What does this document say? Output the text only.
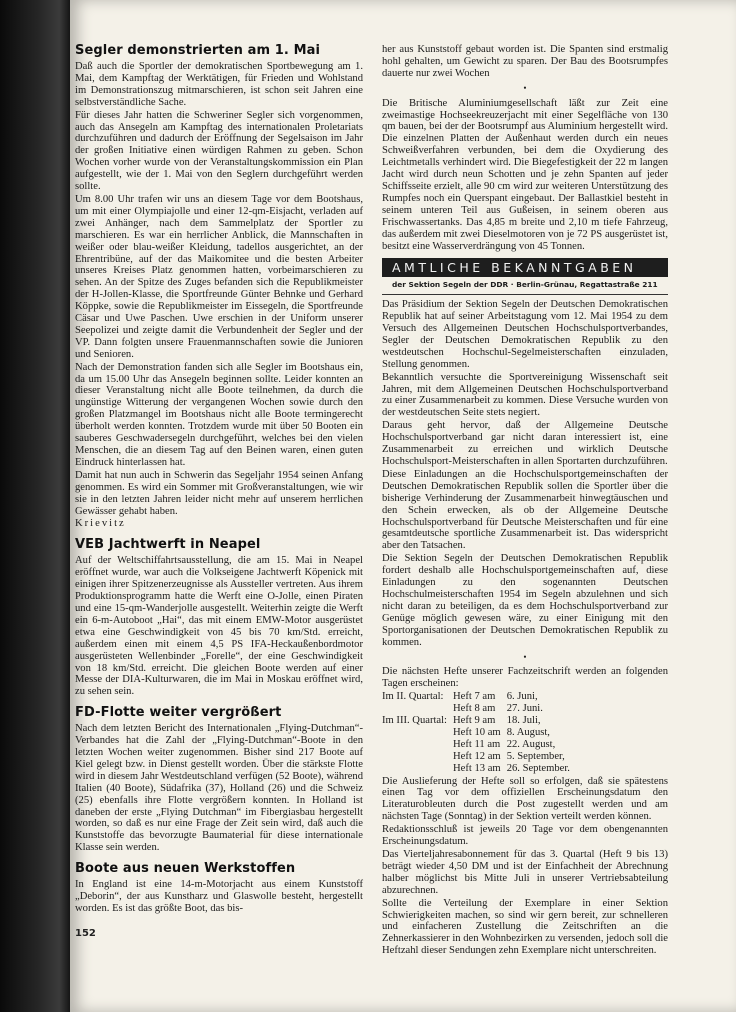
Segler demonstrierten am 1. Mai

Daß auch die Sportler der demokratischen Sportbewegung am 1. Mai, dem Kampftag der Werktätigen, für Frieden und Wohlstand im Demonstrationszug mitmarschieren, ist schon seit Jahren eine selbstverständliche Sache.

Für dieses Jahr hatten die Schweriner Segler sich vorgenommen, auch das Ansegeln am Kampftag des internationalen Proletariats durchzuführen und dadurch der Eröffnung der Segelsaison im Jahr der großen Initiative einen würdigen Rahmen zu geben. Schon Wochen vorher wurde von der Veranstaltungskommission ein Plan aufgestellt, wie der 1. Mai von den Seglern durchgeführt werden sollte.

Um 8.00 Uhr trafen wir uns an diesem Tage vor dem Bootshaus, um mit einer Olympiajolle und einer 12-qm-Eisjacht, verladen auf zwei Anhänger, nach dem Sammelplatz der Sportler zu marschieren. Es war ein herrlicher Anblick, die Mannschaften in weißer oder blau-weißer Kleidung, tadellos ausgerichtet, an der Ehrentribüne, auf der das Maikomitee und die besten Arbeiter unseres Kreises Platz genommen hatten, vorbeimarschieren zu sehen. An der Spitze des Zuges befanden sich die Republikmeister der H-Jollen-Klasse, die Sportfreunde Günter Behnke und Gerhard Köppke, sowie die Republikmeister im Eissegeln, die Sportfreunde Cäsar und Uwe Paschen. Uwe erschien in der Uniform unserer Seepolizei und zeigte damit die Verbundenheit der Segler und der VP. Dann folgten unsere Frauenmannschaften sowie die Junioren und Senioren.

Nach der Demonstration fanden sich alle Segler im Bootshaus ein, da um 15.00 Uhr das Ansegeln beginnen sollte. Leider konnten an dieser Veranstaltung nicht alle Boote teilnehmen, da durch die ungünstige Witterung der vergangenen Wochen sowie durch den großen Platzmangel im Bootshaus nicht alle Boote termingerecht überholt werden konnten. Trotzdem wurde mit über 50 Booten ein sauberes Geschwadersegeln durchgeführt, welches bei den vielen Menschen, die an diesem Tag auf den Beinen waren, einen guten Eindruck hinterlassen hat.

Damit hat nun auch in Schwerin das Segeljahr 1954 seinen Anfang genommen. Es wird ein Sommer mit Großveranstaltungen, wie wir sie in den letzten Jahren leider nicht mehr auf unserem herrlichen Gewässer gehabt haben.

Krievitz

VEB Jachtwerft in Neapel

Auf der Weltschiffahrtsausstellung, die am 15. Mai in Neapel eröffnet wurde, war auch die Volkseigene Jachtwerft Köpenick mit einigen ihrer Spitzenerzeugnisse als Aussteller vertreten. Aus ihrem Produktionsprogramm hatte die Werft eine O-Jolle, einen Piraten und eine 15-qm-Wanderjolle ausgestellt. Weiterhin zeigte die Werft ein 6-m-Autoboot „Hai“, das mit einem EMW-Motor ausgerüstet etwa eine Geschwindigkeit von 45 bis 70 km/Std. erreicht, außerdem einen mit einem 4,5 PS IFA-Heckaußenbordmotor ausgerüsteten Wellenbinder „Forelle“, der eine Geschwindigkeit von 18 km/Std. erreicht. Die gleichen Boote werden auf einer Messe der DIA-Kulturwaren, die im Mai in Moskau eröffnet wird, zu sehen sein.

FD-Flotte weiter vergrößert

Nach dem letzten Bericht des Internationalen „Flying-Dutchman“-Verbandes hat die Zahl der „Flying-Dutchman“-Boote in den letzten Wochen weiter zugenommen. Bisher sind 217 Boote auf Kiel gelegt bzw. in Dienst gestellt worden. Über die stärkste Flotte wird in diesem Jahr Westdeutschland verfügen (52 Boote), während Italien (40 Boote), Südafrika (37), Holland (26) und die Schweiz (25) ebenfalls ihre Flotte vergrößern konnten. In Holland ist daneben der erste „Flying Dutchman“ im Fibergiasbau hergestellt worden, so daß es nur eine Frage der Zeit sein wird, daß auch die Kunststoffe das bevorzugte Baumaterial für diese internationale Klasse sein werden.

Boote aus neuen Werkstoffen

In England ist eine 14-m-Motorjacht aus einem Kunststoff „Deborin“, der aus Kunstharz und Glaswolle besteht, hergestellt worden. Es ist das größte Boot, das bis-

her aus Kunststoff gebaut worden ist. Die Spanten sind erstmalig hohl gehalten, um Gewicht zu sparen. Der Bau des Bootsrumpfes dauerte nur zwei Wochen

•

Die Britische Aluminiumgesellschaft läßt zur Zeit eine zweimastige Hochseekreuzerjacht mit einer Segelfläche von 130 qm bauen, bei der der Bootsrumpf aus Aluminium hergestellt wird. Die einzelnen Platten der Außenhaut werden durch ein neues Schweißverfahren verbunden, bei dem die Oxydierung des Leichtmetalls verhindert wird. Die Biegefestigkeit der 22 m langen Jacht wird durch neun Schotten und je zehn Spanten auf jeder Schiffsseite erzielt, alle 90 cm wird zur weiteren Unterstützung des Rumpfes noch ein Querspant eingebaut. Der Ballastkiel besteht in seinem unteren Teil aus Gußeisen, in seinem oberen aus Frischwassertanks. Das 4,85 m breite und 2,10 m tiefe Fahrzeug, das außerdem mit zwei Dieselmotoren von je 72 PS ausgerüstet ist, besitzt eine Wasserverdrängung von 45 Tonnen.

AMTLICHE BEKANNTGABEN
der Sektion Segeln der DDR · Berlin-Grünau, Regattastraße 211

Das Präsidium der Sektion Segeln der Deutschen Demokratischen Republik hat auf seiner Arbeitstagung vom 12. Mai 1954 zu dem Versuch des Allgemeinen Deutschen Hochschulsportverbandes, Segler der Deutschen Demokratischen Republik zu den westdeutschen Hochschul-Segelmeisterschaften einzuladen, Stellung genommen.

Bekanntlich versuchte die Sportvereinigung Wissenschaft seit Jahren, mit dem Allgemeinen Deutschen Hochschulsportverband zu einer Zusammenarbeit zu kommen. Diese Versuche wurden von der westdeutschen Seite stets negiert.

Daraus geht hervor, daß der Allgemeine Deutsche Hochschulsportverband gar nicht daran interessiert ist, eine Zusammenarbeit zu erreichen und wirklich Deutsche Hochschulsport-Meisterschaften in allen Sportarten durchzuführen.

Diese Einladungen an die Hochschulsportgemeinschaften der Deutschen Demokratischen Republik sollen die Sportler über die bisherige Verhinderung der Zusammenarbeit hinwegtäuschen und den Schein erwecken, als ob der Allgemeine Deutsche Hochschulsportverband für Deutsche Meisterschaften und für eine gesamtdeutsche sportliche Zusammenarbeit ist. Das widerspricht aber den Tatsachen.

Die Sektion Segeln der Deutschen Demokratischen Republik fordert deshalb alle Hochschulsportgemeinschaften auf, diese Einladungen zu den sogenannten Deutschen Hochschulmeisterschaften 1954 im Segeln abzulehnen und sich nicht daran zu beteiligen, da es dem Hochschulsportverband zur Genüge möglich gewesen wäre, zu einer Einigung mit den Sportorganisationen der Deutschen Demokratischen Republik zu kommen.

•

Die nächsten Hefte unserer Fachzeitschrift werden an folgenden Tagen erscheinen:

Im II. Quartal:	Heft 7 am	6. Juni,
	Heft 8 am	27. Juni.
Im III. Quartal:	Heft 9 am	18. Juli,
	Heft 10 am	8. August,
	Heft 11 am	22. August,
	Heft 12 am	5. September,
	Heft 13 am	26. September.

Die Auslieferung der Hefte soll so erfolgen, daß sie spätestens einen Tag vor dem offiziellen Erscheinungsdatum den Literaturobleuten durch die Post zugestellt werden und am nächsten Tage (Sonntag) in der Sektion verteilt werden können.

Redaktionsschluß ist jeweils 20 Tage vor dem obengenannten Erscheinungsdatum.

Das Vierteljahresabonnement für das 3. Quartal (Heft 9 bis 13) beträgt wieder 4,50 DM und ist der Einfachheit der Abrechnung halber möglichst bis Mitte Juli in unserer Vertriebsabteilung abzurechnen.

Sollte die Verteilung der Exemplare in einer Sektion Schwierigkeiten machen, so sind wir gern bereit, zur schnelleren und einfacheren Zustellung die Zeitschriften an die Zehnerkassierer in den Wohnbezirken zu versenden, jedoch soll die Heftzahl dieser Sendungen zehn Exemplare nicht unterschreiten.

152
